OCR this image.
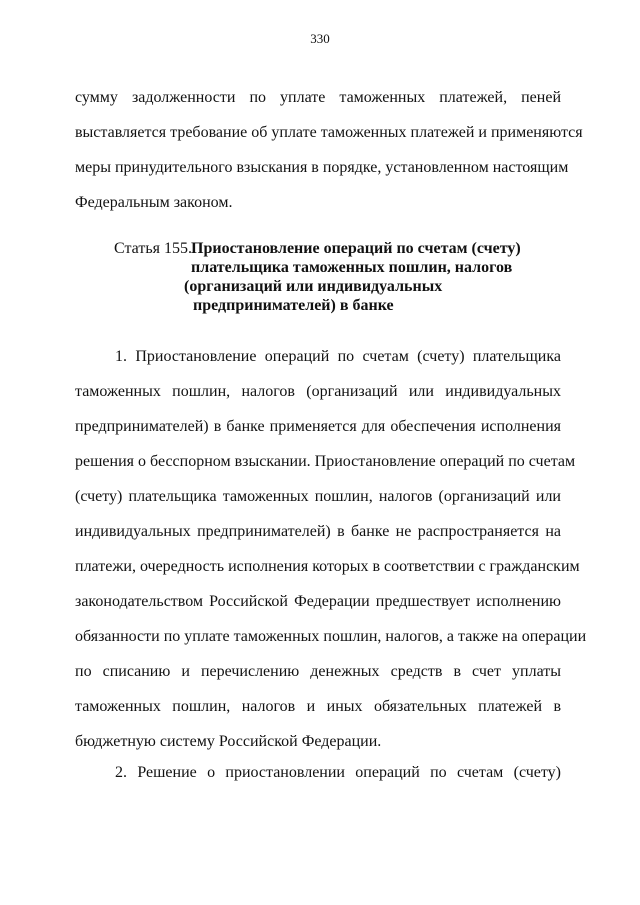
330

сумму задолженности по уплате таможенных платежей, пеней
выставляется требование об уплате таможенных платежей и применяются
меры принудительного взыскания в порядке, установленном настоящим
Федеральным законом.

Статья 155. Приостановление операций по счетам (счету)
плательщика таможенных пошлин, налогов
(организаций или индивидуальных
предпринимателей) в банке

1. Приостановление операций по счетам (счету) плательщика
таможенных пошлин, налогов (организаций или индивидуальных
предпринимателей) в банке применяется для обеспечения исполнения
решения о бесспорном взыскании. Приостановление операций по счетам
(счету) плательщика таможенных пошлин, налогов (организаций или
индивидуальных предпринимателей) в банке не распространяется на
платежи, очередность исполнения которых в соответствии с гражданским
законодательством Российской Федерации предшествует исполнению
обязанности по уплате таможенных пошлин, налогов, а также на операции
по списанию и перечислению денежных средств в счет уплаты
таможенных пошлин, налогов и иных обязательных платежей в
бюджетную систему Российской Федерации.

2. Решение о приостановлении операций по счетам (счету)
